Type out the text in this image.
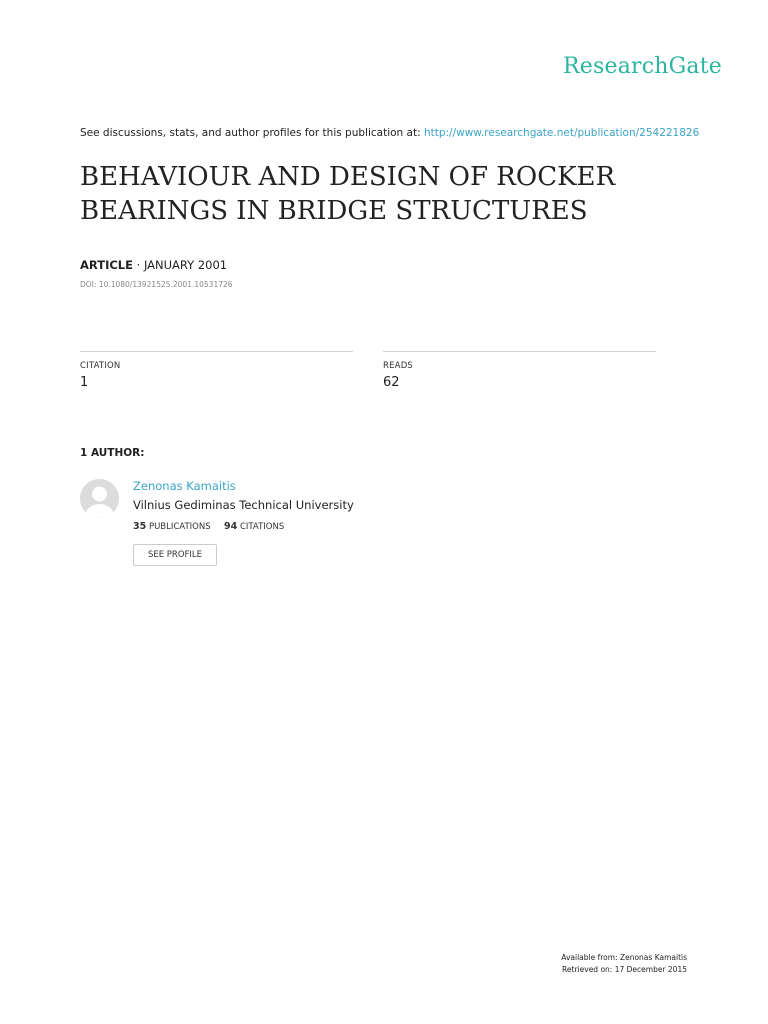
ResearchGate
See discussions, stats, and author profiles for this publication at: http://www.researchgate.net/publication/254221826
BEHAVIOUR AND DESIGN OF ROCKER
BEARINGS IN BRIDGE STRUCTURES
ARTICLE · JANUARY 2001
DOI: 10.1080/13921525.2001.10531726
CITATION
1
READS
62
1 AUTHOR:
Zenonas Kamaitis
Vilnius Gediminas Technical University
35 PUBLICATIONS 94 CITATIONS
SEE PROFILE
Available from: Zenonas Kamaitis
Retrieved on: 17 December 2015
